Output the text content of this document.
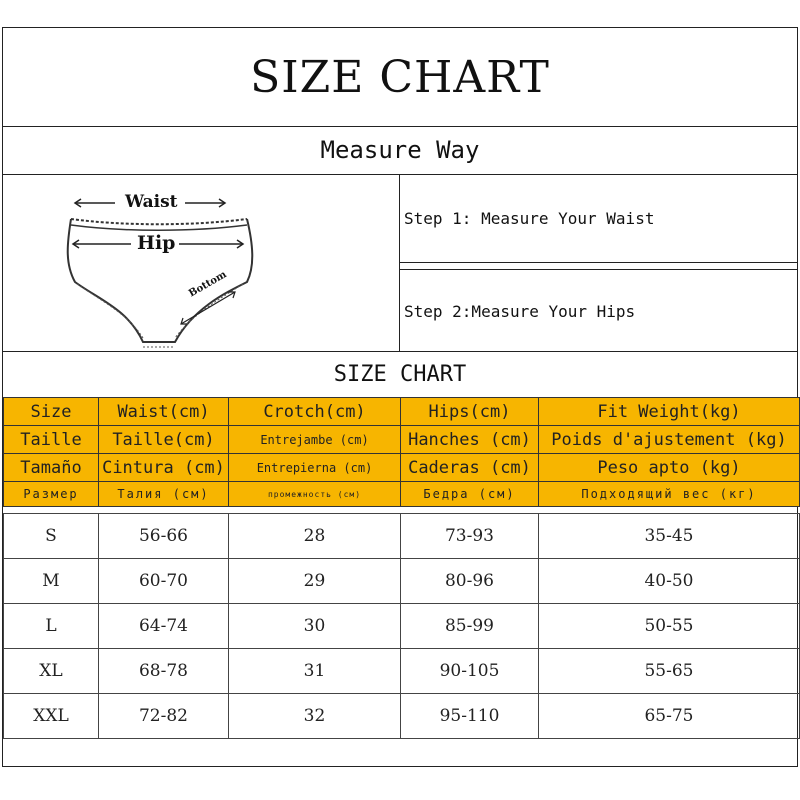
SIZE CHART
Measure Way
Waist
Hip
Bottom
Step 1: Measure Your Waist
Step 2:Measure Your Hips
SIZE CHART
Size	Waist(cm)	Crotch(cm)	Hips(cm)	Fit Weight(kg)
Taille	Taille(cm)	Entrejambe (cm)	Hanches (cm)	Poids d'ajustement (kg)
Tamaño	Cintura (cm)	Entrepierna (cm)	Caderas (cm)	Peso apto (kg)
Размер	Талия (см)	промежность (см)	Бедра (см)	Подходящий вес (кг)
S	56-66	28	73-93	35-45
M	60-70	29	80-96	40-50
L	64-74	30	85-99	50-55
XL	68-78	31	90-105	55-65
XXL	72-82	32	95-110	65-75
